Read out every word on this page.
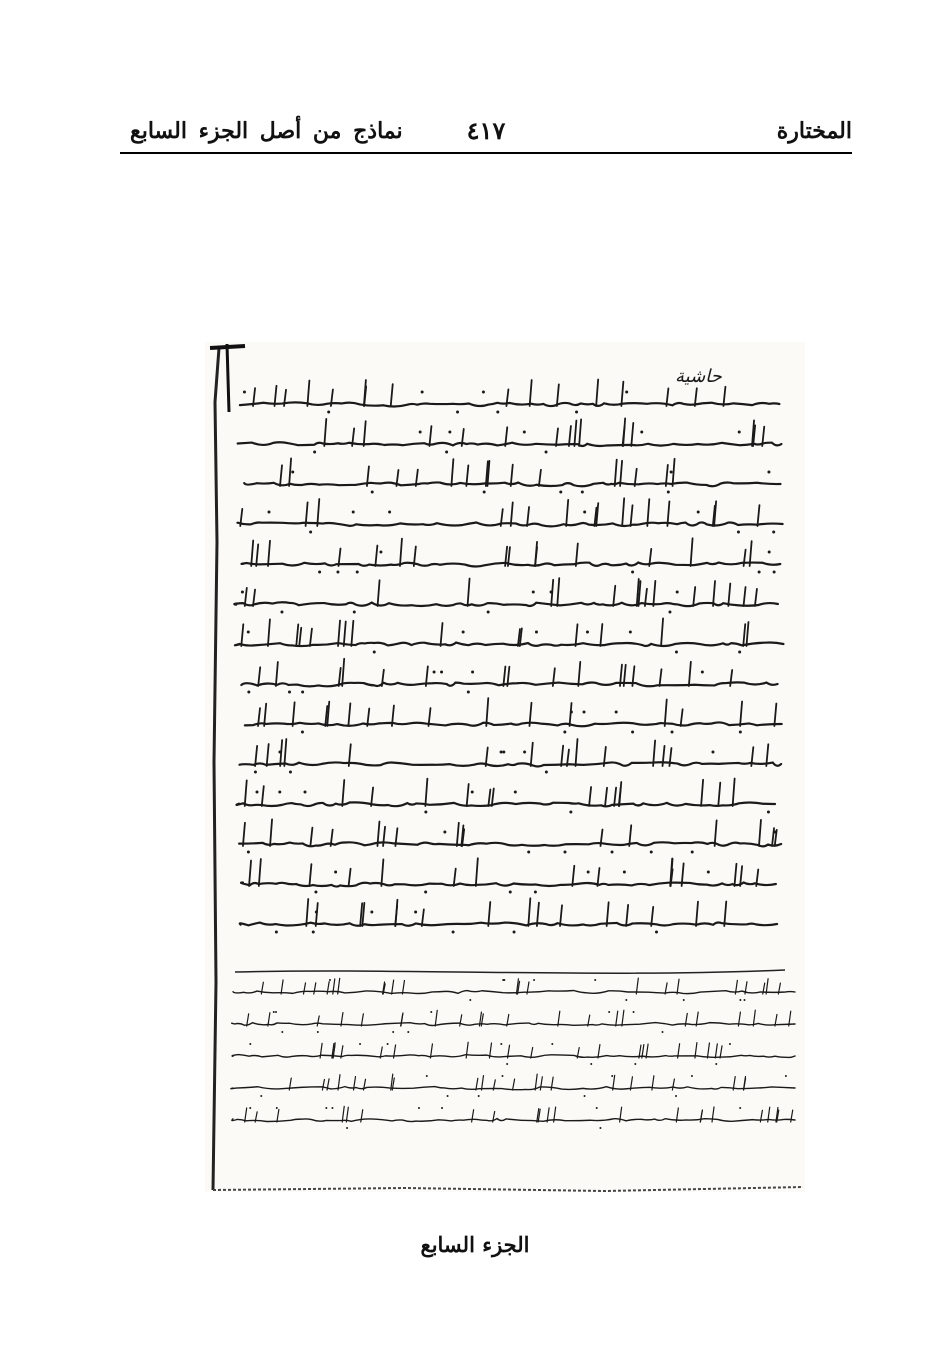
المختارة
٤١٧
نماذج من أصل الجزء السابع
حاشية
الجزء السابع
